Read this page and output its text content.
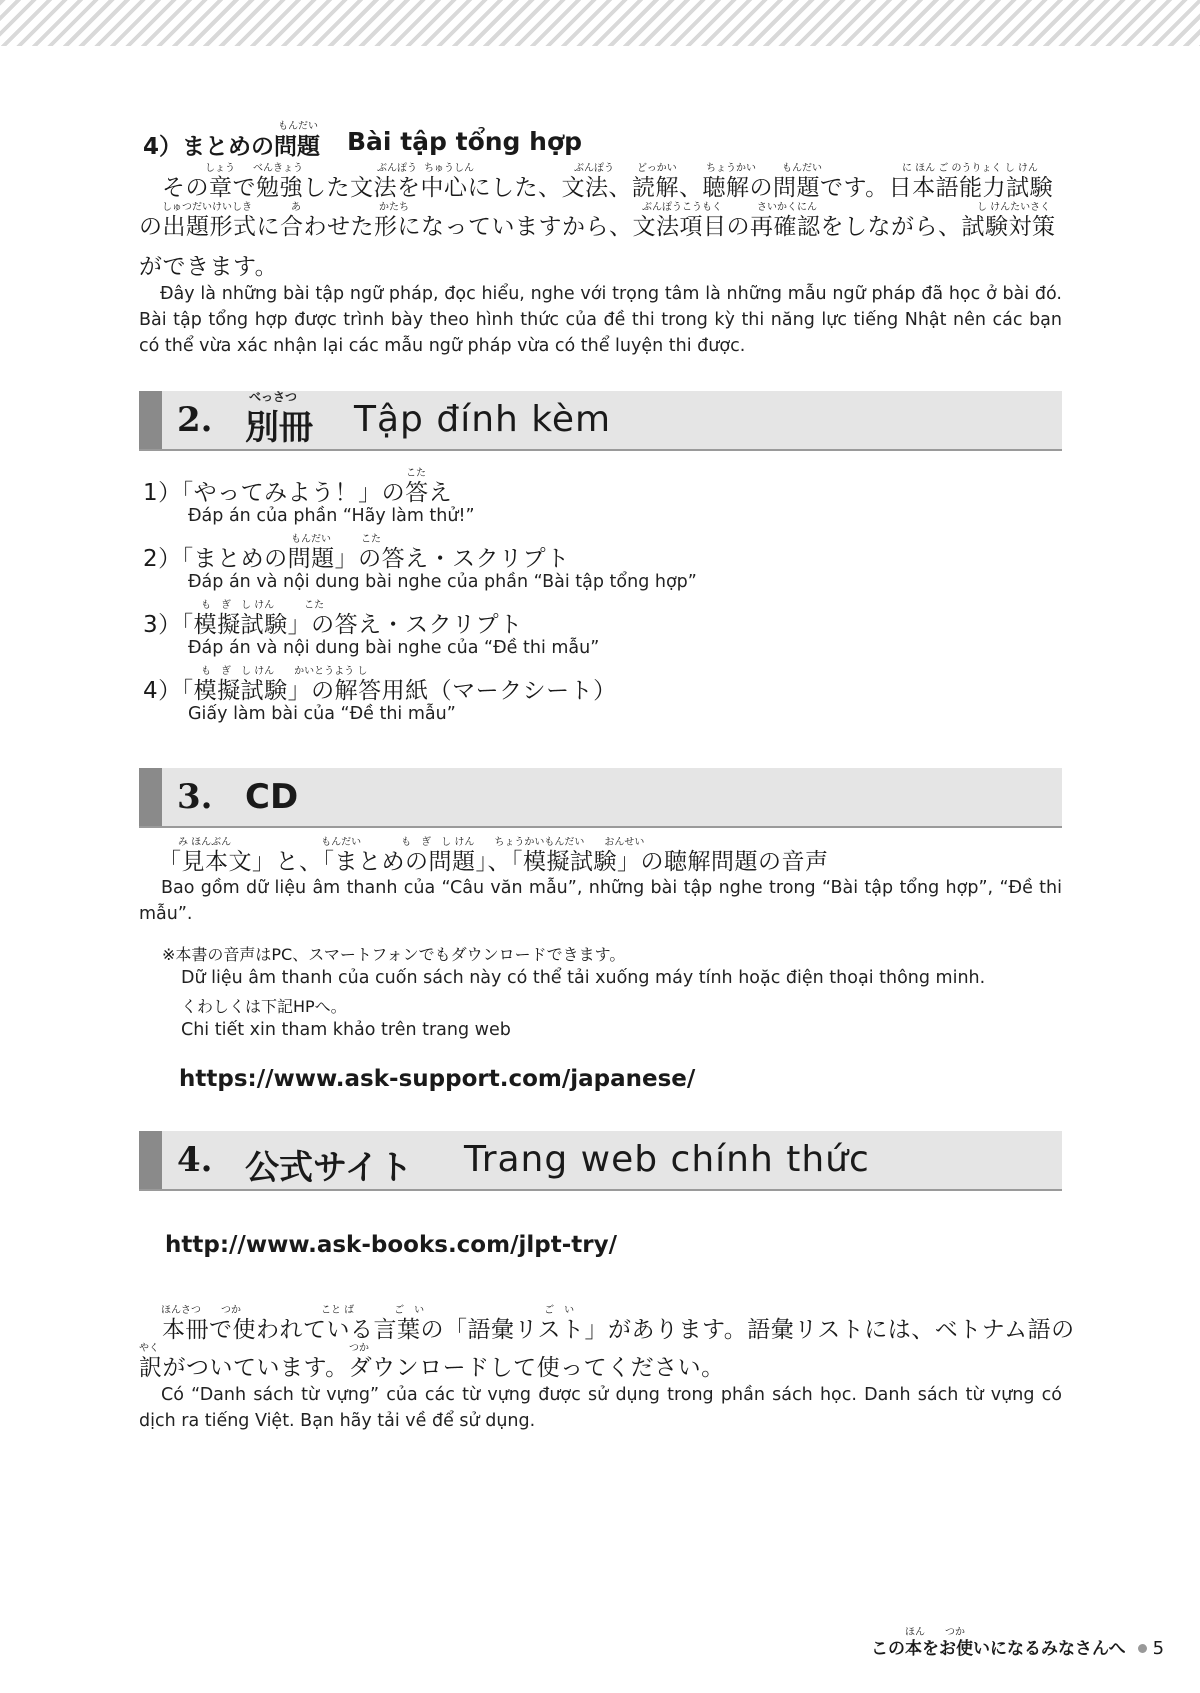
もんだい
4）まとめの問題 Bài tập tổng hợp
しょう べんきょう	ぶんぽう ちゅうしん	ぶんぽう どっかい	ちょうかい	もんだい	に ほん ご のうりょく し けん
その章で勉強した文法を中心にした、文法、読解、聴解の問題です。日本語能力試験
しゅつだいけいしき	あ	かたち	ぶんぽうこうもく	さいかくにん	し けんたいさく
の出題形式に合わせた形になっていますから、文法項目の再確認をしながら、試験対策
ができます。
Đây là những bài tập ngữ pháp, đọc hiểu, nghe với trọng tâm là những mẫu ngữ pháp đã học ở bài đó. Bài tập tổng hợp được trình bày theo hình thức của đề thi trong kỳ thi năng lực tiếng Nhật nên các bạn có thể vừa xác nhận lại các mẫu ngữ pháp vừa có thể luyện thi được.
2.
べっさつ
別冊 Tập đính kèm
こた
1）「やってみよう！」の答え
Đáp án của phần “Hãy làm thử!”
もんだい　　　こた
2）「まとめの問題」の答え・スクリプト
Đáp án và nội dung bài nghe của phần “Bài tập tổng hợp”
も　ぎ　し けん　　　こた
3）「模擬試験」の答え・スクリプト
Đáp án và nội dung bài nghe của “Đề thi mẫu”
も　ぎ　し けん　　かいとうよう し
4）「模擬試験」の解答用紙（マークシート）
Giấy làm bài của “Đề thi mẫu”
3. CD
み ほんぶん　　　　　　　　　もんだい　　　　も　ぎ　し けん　　ちょうかいもんだい　　おんせい
「見本文」と、「まとめの問題」、「模擬試験」の聴解問題の音声
Bao gồm dữ liệu âm thanh của “Câu văn mẫu”, những bài tập nghe trong “Bài tập tổng hợp”, “Đề thi mẫu”.
※本書の音声はPC、スマートフォンでもダウンロードできます。
Dữ liệu âm thanh của cuốn sách này có thể tải xuống máy tính hoặc điện thoại thông minh.
くわしくは下記HPへ。
Chi tiết xin tham khảo trên trang web
https://www.ask-support.com/japanese/
4. 公式サイト Trang web chính thức
http://www.ask-books.com/jlpt-try/
ほんさつ　　つか　　　　　　　　こと ば　　　　ご　い　　　　　　　　　　　　ご　い
本冊で使われている言葉の「語彙リスト」があります。語彙リストには、ベトナム語の
やく　　　　　　　　　　　　　　　　　　　つか
訳がついています。ダウンロードして使ってください。
Có “Danh sách từ vựng” của các từ vựng được sử dụng trong phần sách học. Danh sách từ vựng có dịch ra tiếng Việt. Bạn hãy tải về để sử dụng.
ほん　　つか
この本をお使いになるみなさんへ 5
